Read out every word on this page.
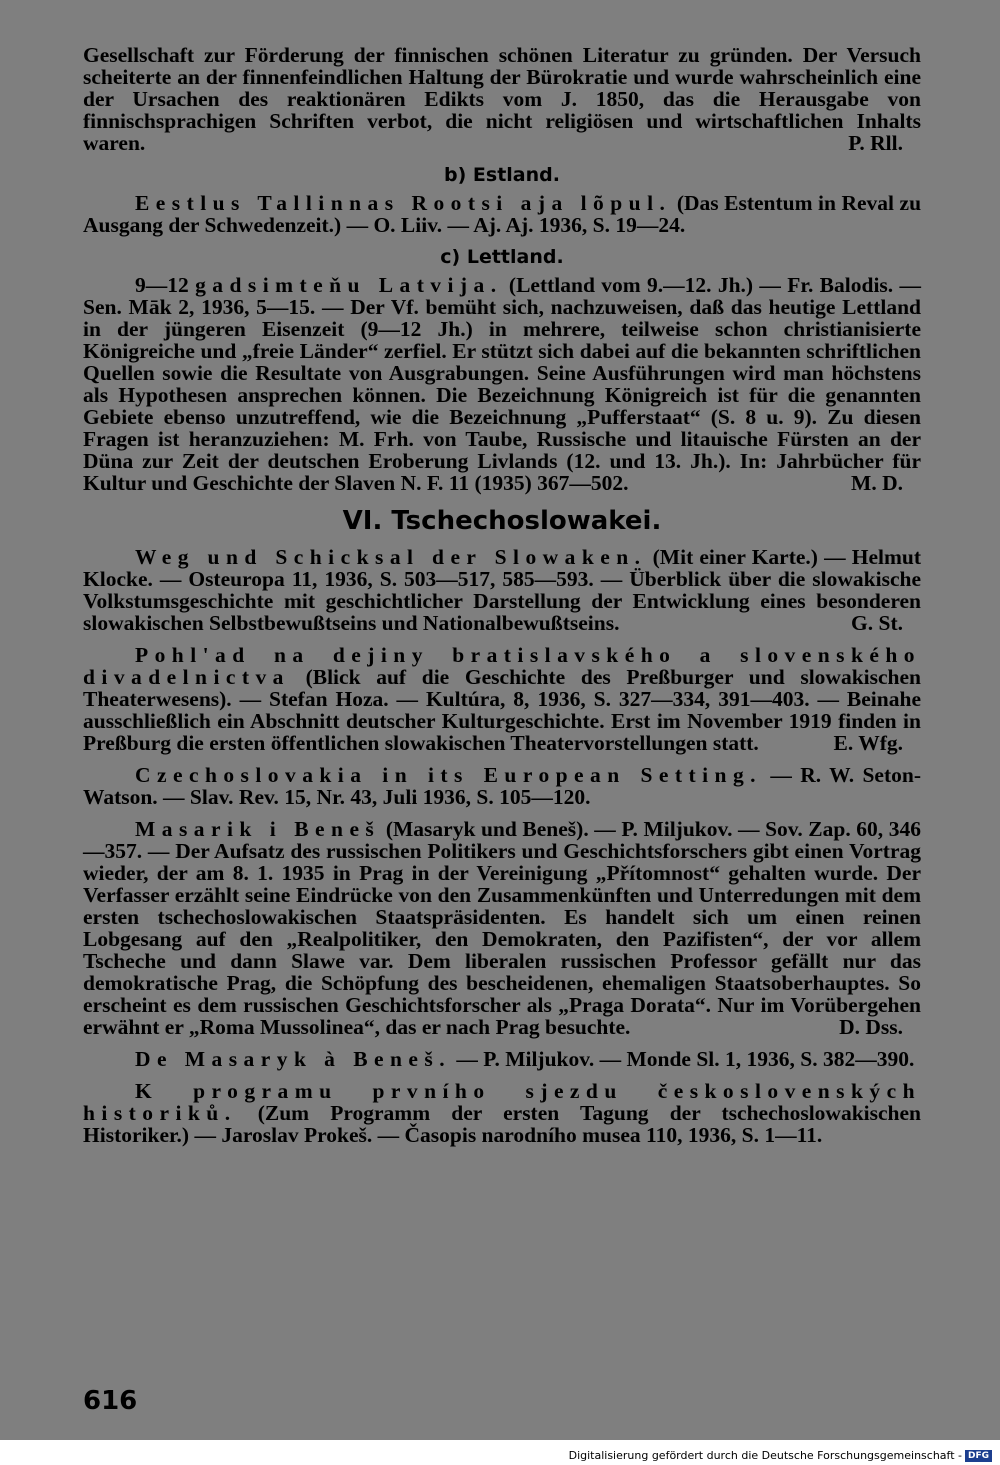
Gesellschaft zur Förderung der finnischen schönen Literatur zu gründen. Der Versuch scheiterte an der finnenfeindlichen Haltung der Bürokratie und wurde wahrscheinlich eine der Ursachen des reaktionären Edikts vom J. 1850, das die Herausgabe von finnischsprachigen Schriften verbot, die nicht religiösen und wirtschaftlichen Inhalts waren.	P. Rll.

b) Estland.

Eestlus Tallinnas Rootsi aja lõpul. (Das Estentum in Reval zu Ausgang der Schwedenzeit.) — O. Liiv. — Aj. Aj. 1936, S. 19—24.

c) Lettland.

9—12 gadsimteňu Latvija. (Lettland vom 9.—12. Jh.) — Fr. Balodis. — Sen. Māk 2, 1936, 5—15. — Der Vf. bemüht sich, nachzuweisen, daß das heutige Lettland in der jüngeren Eisenzeit (9—12 Jh.) in mehrere, teilweise schon christianisierte Königreiche und „freie Länder“ zerfiel. Er stützt sich dabei auf die bekannten schriftlichen Quellen sowie die Resultate von Ausgrabungen. Seine Ausführungen wird man höchstens als Hypothesen ansprechen können. Die Bezeichnung Königreich ist für die genannten Gebiete ebenso unzutreffend, wie die Bezeichnung „Pufferstaat“ (S. 8 u. 9). Zu diesen Fragen ist heranzuziehen: M. Frh. von Taube, Russische und litauische Fürsten an der Düna zur Zeit der deutschen Eroberung Livlands (12. und 13. Jh.). In: Jahrbücher für Kultur und Geschichte der Slaven N. F. 11 (1935) 367—502.	M. D.

VI. Tschechoslowakei.

Weg und Schicksal der Slowaken. (Mit einer Karte.) — Helmut Klocke. — Osteuropa 11, 1936, S. 503—517, 585—593. — Überblick über die slowakische Volkstumsgeschichte mit geschichtlicher Darstellung der Entwicklung eines besonderen slowakischen Selbstbewußtseins und Nationalbewußtseins.	G. St.

Pohl'ad na dejiny bratislavského a slovenského divadelnictva (Blick auf die Geschichte des Preßburger und slowakischen Theaterwesens). — Stefan Hoza. — Kultúra, 8, 1936, S. 327—334, 391—403. — Beinahe ausschließlich ein Abschnitt deutscher Kulturgeschichte. Erst im November 1919 finden in Preßburg die ersten öffentlichen slowakischen Theatervorstellungen statt.	E. Wfg.

Czechoslovakia in its European Setting. — R. W. Seton-Watson. — Slav. Rev. 15, Nr. 43, Juli 1936, S. 105—120.

Masarik i Beneš (Masaryk und Beneš). — P. Miljukov. — Sov. Zap. 60, 346—357. — Der Aufsatz des russischen Politikers und Geschichtsforschers gibt einen Vortrag wieder, der am 8. 1. 1935 in Prag in der Vereinigung „Přítomnost“ gehalten wurde. Der Verfasser erzählt seine Eindrücke von den Zusammenkünften und Unterredungen mit dem ersten tschechoslowakischen Staatspräsidenten. Es handelt sich um einen reinen Lobgesang auf den „Realpolitiker, den Demokraten, den Pazifisten“, der vor allem Tscheche und dann Slawe var. Dem liberalen russischen Professor gefällt nur das demokratische Prag, die Schöpfung des bescheidenen, ehemaligen Staatsoberhauptes. So erscheint es dem russischen Geschichtsforscher als „Praga Dorata“. Nur im Vorübergehen erwähnt er „Roma Mussolinea“, das er nach Prag besuchte.	D. Dss.

De Masaryk à Beneš. — P. Miljukov. — Monde Sl. 1, 1936, S. 382—390.

K programu prvního sjezdu československých historiků. (Zum Programm der ersten Tagung der tschechoslowakischen Historiker.) — Jaroslav Prokeš. — Časopis narodního musea 110, 1936, S. 1—11.

616
Digitalisierung gefördert durch die Deutsche Forschungsgemeinschaft - DFG
